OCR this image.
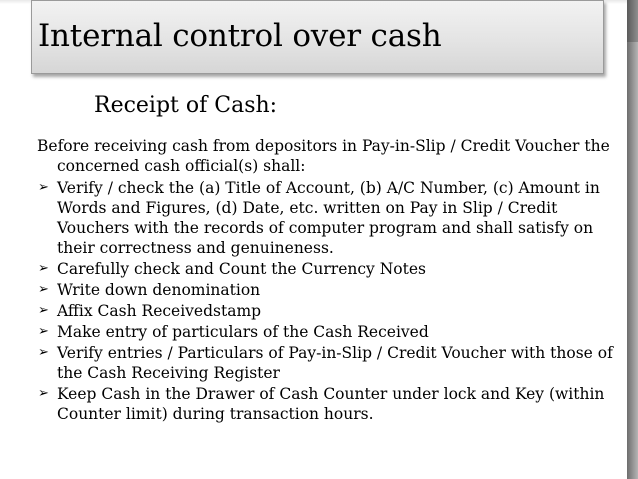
Internal control over cash
Receipt of Cash:

Before receiving cash from depositors in Pay-in-Slip / Credit Voucher the concerned cash official(s) shall:

➢ Verify / check the (a) Title of Account, (b) A/C Number, (c) Amount in Words and Figures, (d) Date, etc. written on Pay in Slip / Credit Vouchers with the records of computer program and shall satisfy on their correctness and genuineness.
➢ Carefully check and Count the Currency Notes
➢ Write down denomination
➢ Affix Cash Receivedstamp
➢ Make entry of particulars of the Cash Received
➢ Verify entries / Particulars of Pay-in-Slip / Credit Voucher with those of the Cash Receiving Register
➢ Keep Cash in the Drawer of Cash Counter under lock and Key (within Counter limit) during transaction hours.
